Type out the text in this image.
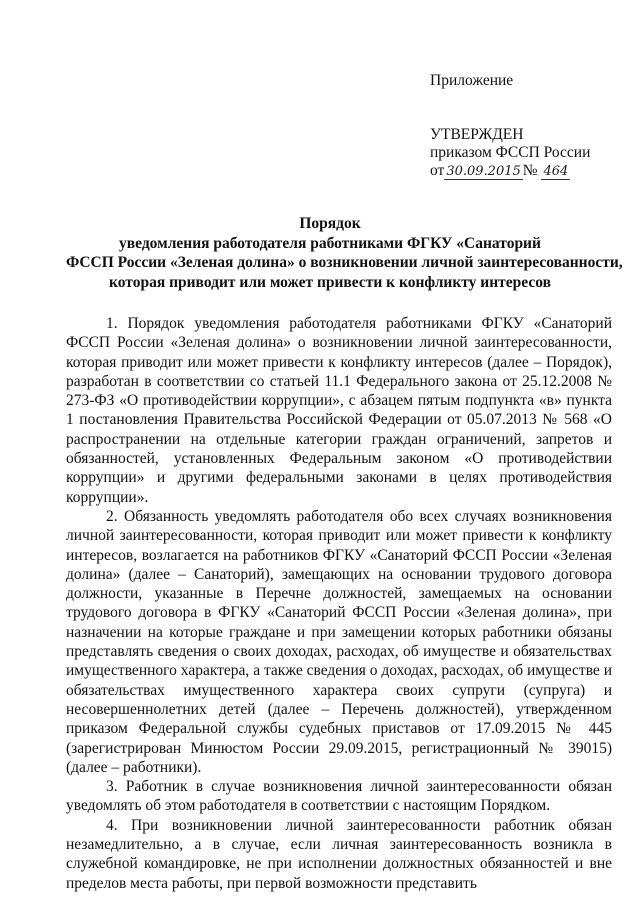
Приложение
УТВЕРЖДЕН
приказом ФССП России
от 30.09.2015 № 464
Порядок
уведомления работодателя работниками ФГКУ «Санаторий
ФССП России «Зеленая долина» о возникновении личной заинтересованности,
которая приводит или может привести к конфликту интересов

1. Порядок уведомления работодателя работниками ФГКУ «Санаторий ФССП России «Зеленая долина» о возникновении личной заинтересованности, которая приводит или может привести к конфликту интересов (далее – Порядок), разработан в соответствии со статьей 11.1 Федерального закона от 25.12.2008 № 273-ФЗ «О противодействии коррупции», с абзацем пятым подпункта «в» пункта 1 постановления Правительства Российской Федерации от 05.07.2013 № 568 «О распространении на отдельные категории граждан ограничений, запретов и обязанностей, установленных Федеральным законом «О противодействии коррупции» и другими федеральными законами в целях противодействия коррупции».

2. Обязанность уведомлять работодателя обо всех случаях возникновения личной заинтересованности, которая приводит или может привести к конфликту интересов, возлагается на работников ФГКУ «Санаторий ФССП России «Зеленая долина» (далее – Санаторий), замещающих на основании трудового договора должности, указанные в Перечне должностей, замещаемых на основании трудового договора в ФГКУ «Санаторий ФССП России «Зеленая долина», при назначении на которые граждане и при замещении которых работники обязаны представлять сведения о своих доходах, расходах, об имуществе и обязательствах имущественного характера, а также сведения о доходах, расходах, об имуществе и обязательствах имущественного характера своих супруги (супруга) и несовершеннолетних детей (далее – Перечень должностей), утвержденном приказом Федеральной службы судебных приставов от 17.09.2015 № 445 (зарегистрирован Минюстом России 29.09.2015, регистрационный № 39015) (далее – работники).

3. Работник в случае возникновения личной заинтересованности обязан уведомлять об этом работодателя в соответствии с настоящим Порядком.

4. При возникновении личной заинтересованности работник обязан незамедлительно, а в случае, если личная заинтересованность возникла в служебной командировке, не при исполнении должностных обязанностей и вне пределов места работы, при первой возможности представить
